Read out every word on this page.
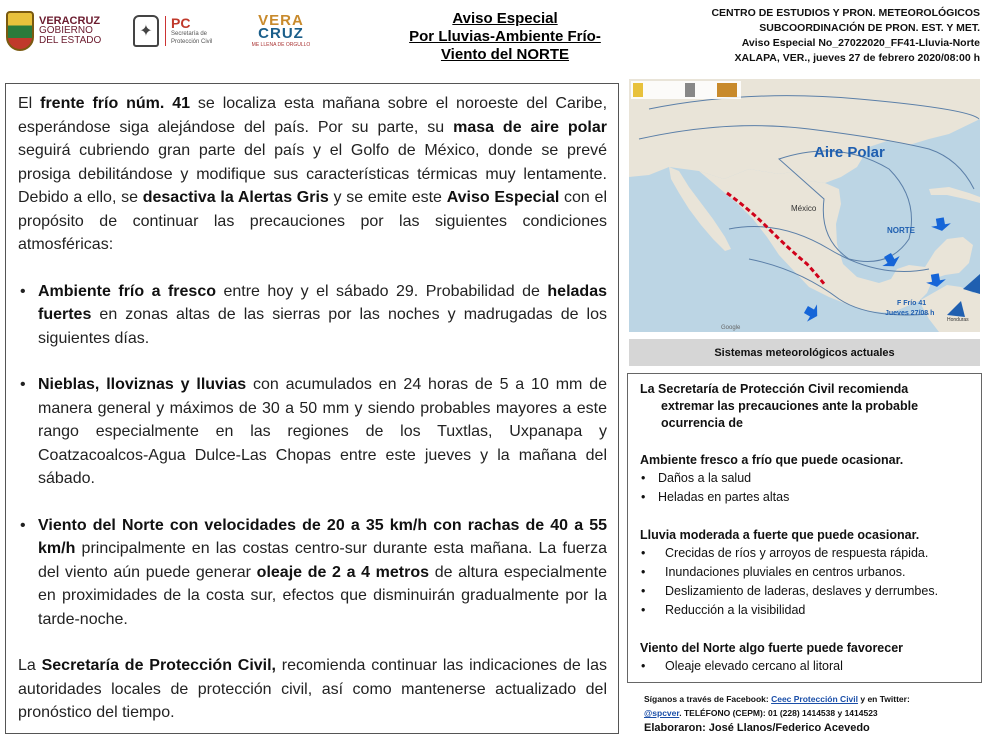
VERACRUZ
GOBIERNO
DEL ESTADO
✦	PC
Secretaría de
Protección Civil
VERA
CRUZ
ME LLENA DE ORGULLO
Aviso Especial
Por Lluvias-Ambiente Frío-
Viento del NORTE
CENTRO DE ESTUDIOS Y PRON. METEOROLÓGICOS
SUBCOORDINACIÓN DE PRON. EST. Y MET.
Aviso Especial No_27022020_FF41-Lluvia-Norte
XALAPA, VER., jueves 27 de febrero 2020/08:00 h

El frente frío núm. 41 se localiza esta mañana sobre el noroeste del Caribe, esperándose siga alejándose del país. Por su parte, su masa de aire polar seguirá cubriendo gran parte del país y el Golfo de México, donde se prevé prosiga debilitándose y modifique sus características térmicas muy lentamente. Debido a ello, se desactiva la Alertas Gris y se emite este Aviso Especial con el propósito de continuar las precauciones por las siguientes condiciones atmosféricas:

• Ambiente frío a fresco entre hoy y el sábado 29. Probabilidad de heladas fuertes en zonas altas de las sierras por las noches y madrugadas de los siguientes días.
• Nieblas, lloviznas y lluvias con acumulados en 24 horas de 5 a 10 mm de manera general y máximos de 30 a 50 mm y siendo probables mayores a este rango especialmente en las regiones de los Tuxtlas, Uxpanapa y Coatzacoalcos-Agua Dulce-Las Chopas entre este jueves y la mañana del sábado.
• Viento del Norte con velocidades de 20 a 35 km/h con rachas de 40 a 55 km/h principalmente en las costas centro-sur durante esta mañana. La fuerza del viento aún puede generar oleaje de 2 a 4 metros de altura especialmente en proximidades de la costa sur, efectos que disminuirán gradualmente por la tarde-noche.

La Secretaría de Protección Civil, recomienda continuar las indicaciones de las autoridades locales de protección civil, así como mantenerse actualizado del pronóstico del tiempo.

Aire Polar
México
NORTE
F Frío 41
Jueves 27/08 h
Honduras
Google
Sistemas meteorológicos actuales
La Secretaría de Protección Civil recomienda
extremar las precauciones ante la probable
ocurrencia de
Ambiente fresco a frío que puede ocasionar.
• Daños a la salud
• Heladas en partes altas
Lluvia moderada a fuerte que puede ocasionar.
• Crecidas de ríos y arroyos de respuesta rápida.
• Inundaciones pluviales en centros urbanos.
• Deslizamiento de laderas, deslaves y derrumbes.
• Reducción a la visibilidad
Viento del Norte algo fuerte puede favorecer
• Oleaje elevado cercano al litoral
Síganos a través de Facebook: Ceec Protección Civil y en Twitter:
@spcver. TELÉFONO (CEPM): 01 (228) 1414538 y 1414523
Elaboraron: José Llanos/Federico Acevedo
